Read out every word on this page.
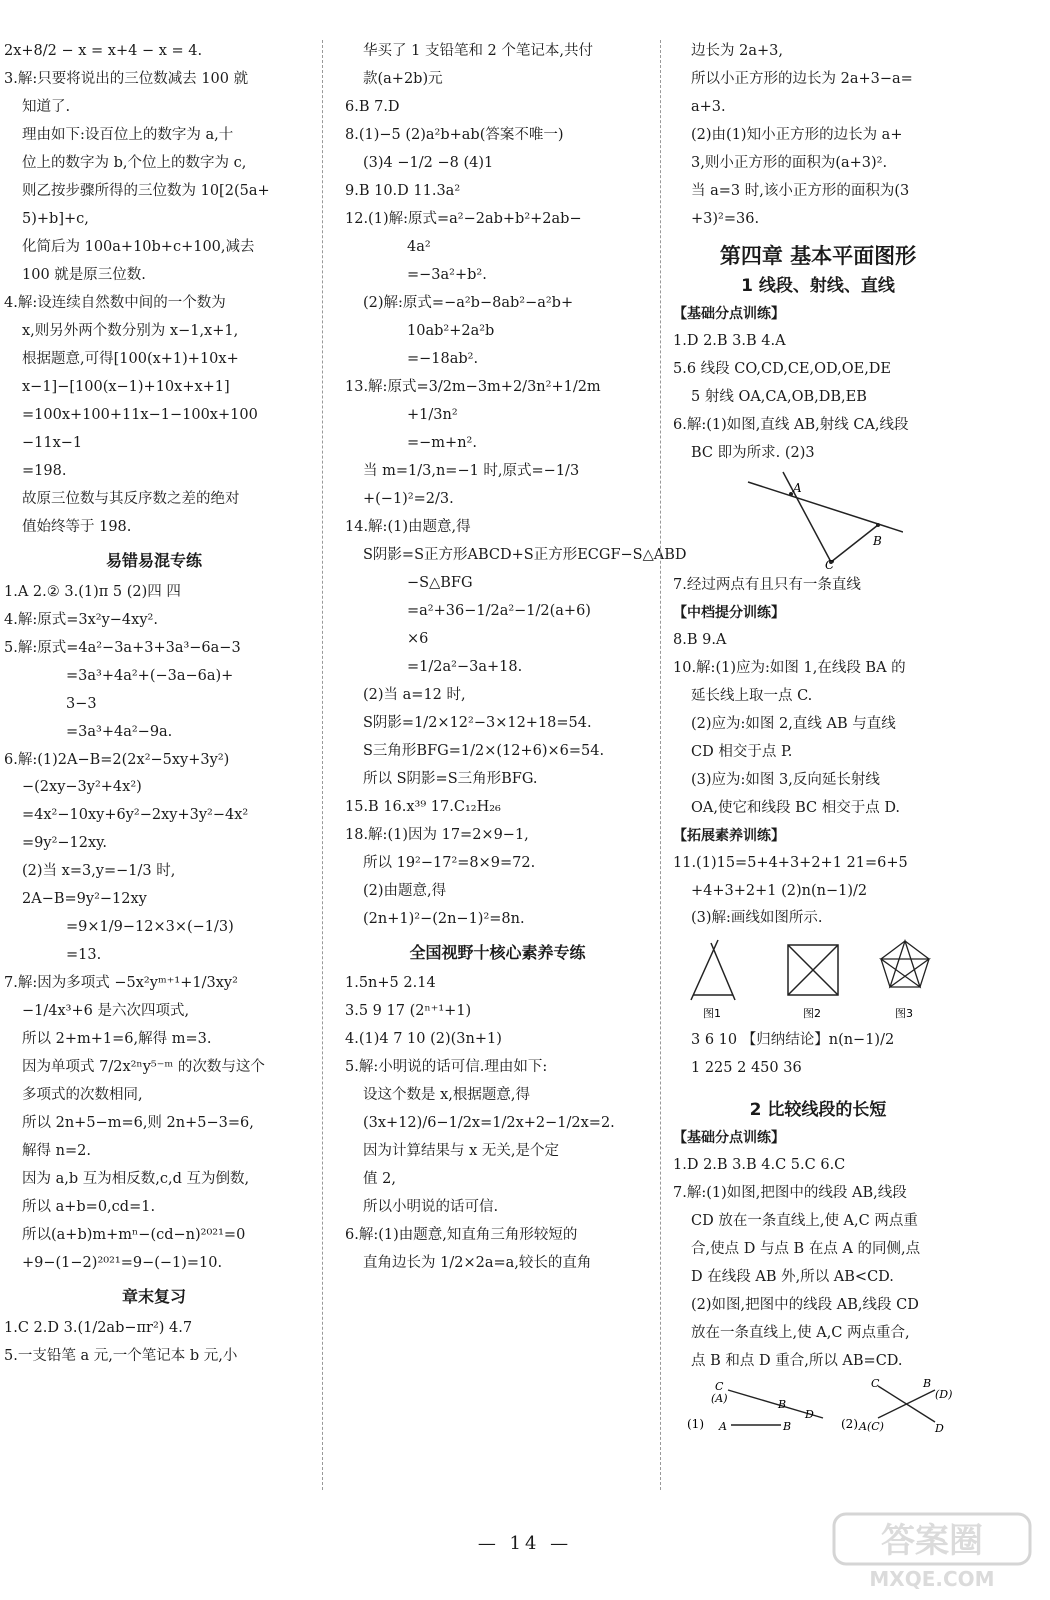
2x+8/2 − x = x+4 − x = 4.
3.解:只要将说出的三位数减去 100 就
知道了.
理由如下:设百位上的数字为 a,十
位上的数字为 b,个位上的数字为 c,
则乙按步骤所得的三位数为 10[2(5a+
5)+b]+c,
化简后为 100a+10b+c+100,减去
100 就是原三位数.
4.解:设连续自然数中间的一个数为
x,则另外两个数分别为 x−1,x+1,
根据题意,可得[100(x+1)+10x+
x−1]−[100(x−1)+10x+x+1]
=100x+100+11x−1−100x+100
−11x−1
=198.
故原三位数与其反序数之差的绝对
值始终等于 198.
易错易混专练
1.A 2.② 3.(1)π 5 (2)四 四
4.解:原式=3x²y−4xy².
5.解:原式=4a²−3a+3+3a³−6a−3
=3a³+4a²+(−3a−6a)+
3−3
=3a³+4a²−9a.
6.解:(1)2A−B=2(2x²−5xy+3y²)
−(2xy−3y²+4x²)
=4x²−10xy+6y²−2xy+3y²−4x²
=9y²−12xy.
(2)当 x=3,y=−1/3 时,
2A−B=9y²−12xy
=9×1/9−12×3×(−1/3)
=13.
7.解:因为多项式 −5x²yᵐ⁺¹+1/3xy²
−1/4x³+6 是六次四项式,
所以 2+m+1=6,解得 m=3.
因为单项式 7/2x²ⁿy⁵⁻ᵐ 的次数与这个
多项式的次数相同,
所以 2n+5−m=6,则 2n+5−3=6,
解得 n=2.
因为 a,b 互为相反数,c,d 互为倒数,
所以 a+b=0,cd=1.
所以(a+b)m+mⁿ−(cd−n)²⁰²¹=0
+9−(1−2)²⁰²¹=9−(−1)=10.
章末复习
1.C 2.D 3.(1/2ab−πr²) 4.7
5.一支铅笔 a 元,一个笔记本 b 元,小
华买了 1 支铅笔和 2 个笔记本,共付
款(a+2b)元
6.B 7.D
8.(1)−5 (2)a²b+ab(答案不唯一)
(3)4 −1/2 −8 (4)1
9.B 10.D 11.3a²
12.(1)解:原式=a²−2ab+b²+2ab−
4a²
=−3a²+b².
(2)解:原式=−a²b−8ab²−a²b+
10ab²+2a²b
=−18ab².
13.解:原式=3/2m−3m+2/3n²+1/2m
+1/3n²
=−m+n².
当 m=1/3,n=−1 时,原式=−1/3
+(−1)²=2/3.
14.解:(1)由题意,得
S阴影=S正方形ABCD+S正方形ECGF−S△ABD
−S△BFG
=a²+36−1/2a²−1/2(a+6)
×6
=1/2a²−3a+18.
(2)当 a=12 时,
S阴影=1/2×12²−3×12+18=54.
S三角形BFG=1/2×(12+6)×6=54.
所以 S阴影=S三角形BFG.
15.B 16.x³⁹ 17.C₁₂H₂₆
18.解:(1)因为 17=2×9−1,
所以 19²−17²=8×9=72.
(2)由题意,得
(2n+1)²−(2n−1)²=8n.
全国视野十核心素养专练
1.5n+5 2.14
3.5 9 17 (2ⁿ⁺¹+1)
4.(1)4 7 10 (2)(3n+1)
5.解:小明说的话可信.理由如下:
设这个数是 x,根据题意,得
(3x+12)/6−1/2x=1/2x+2−1/2x=2.
因为计算结果与 x 无关,是个定
值 2,
所以小明说的话可信.
6.解:(1)由题意,知直角三角形较短的
直角边长为 1/2×2a=a,较长的直角
边长为 2a+3,
所以小正方形的边长为 2a+3−a=
a+3.
(2)由(1)知小正方形的边长为 a+
3,则小正方形的面积为(a+3)².
当 a=3 时,该小正方形的面积为(3
+3)²=36.
第四章 基本平面图形
1 线段、射线、直线
【基础分点训练】
1.D 2.B 3.B 4.A
5.6 线段 CO,CD,CE,OD,OE,DE
5 射线 OA,CA,OB,DB,EB
6.解:(1)如图,直线 AB,射线 CA,线段
BC 即为所求. (2)3
A
B
C
7.经过两点有且只有一条直线
【中档提分训练】
8.B 9.A
10.解:(1)应为:如图 1,在线段 BA 的
延长线上取一点 C.
(2)应为:如图 2,直线 AB 与直线
CD 相交于点 P.
(3)应为:如图 3,反向延长射线
OA,使它和线段 BC 相交于点 D.
【拓展素养训练】
11.(1)15=5+4+3+2+1 21=6+5
+4+3+2+1 (2)n(n−1)/2
(3)解:画线如图所示.
图1	图2	图3
3 6 10 【归纳结论】n(n−1)/2
1 225 2 450 36
2 比较线段的长短
【基础分点训练】
1.D 2.B 3.B 4.C 5.C 6.C
7.解:(1)如图,把图中的线段 AB,线段
CD 放在一条直线上,使 A,C 两点重
合,使点 D 与点 B 在点 A 的同侧,点
D 在线段 AB 外,所以 AB<CD.
(2)如图,把图中的线段 AB,线段 CD
放在一条直线上,使 A,C 两点重合,
点 B 和点 D 重合,所以 AB=CD.
(1)
C
(A)	B
D
A	B	(2)
C
A(C)
B
(D)
D
— 14 —	答案圈
MXQE.COM
